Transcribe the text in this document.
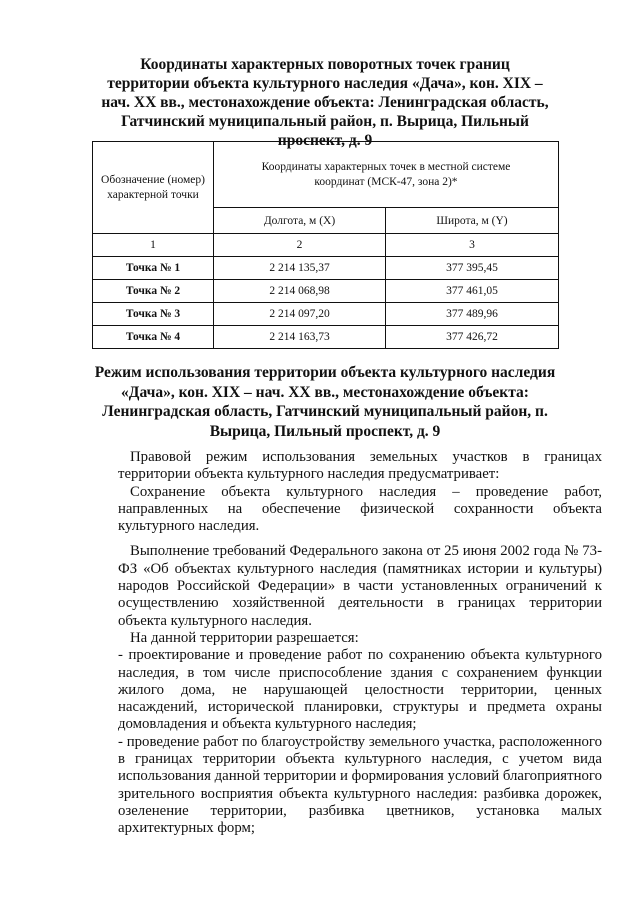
Координаты характерных поворотных точек границ территории объекта культурного наследия «Дача», кон. XIX – нач. XX вв., местонахождение объекта: Ленинградская область, Гатчинский муниципальный район, п. Вырица, Пильный проспект, д. 9
Обозначение (номер) характерной точки	Координаты характерных точек в местной системе координат (МСК-47, зона 2)*	
	Долгота, м (X)	Широта, м (Y)
1	2	3
Точка № 1	2 214 135,37	377 395,45
Точка № 2	2 214 068,98	377 461,05
Точка № 3	2 214 097,20	377 489,96
Точка № 4	2 214 163,73	377 426,72
Режим использования территории объекта культурного наследия «Дача», кон. XIX – нач. XX вв., местонахождение объекта: Ленинградская область, Гатчинский муниципальный район, п. Вырица, Пильный проспект, д. 9

Правовой режим использования земельных участков в границах территории объекта культурного наследия предусматривает:

Сохранение объекта культурного наследия – проведение работ, направленных на обеспечение физической сохранности объекта культурного наследия.

Выполнение требований Федерального закона от 25 июня 2002 года № 73-ФЗ «Об объектах культурного наследия (памятниках истории и культуры) народов Российской Федерации» в части установленных ограничений к осуществлению хозяйственной деятельности в границах территории объекта культурного наследия.

На данной территории разрешается:

- проектирование и проведение работ по сохранению объекта культурного наследия, в том числе приспособление здания с сохранением функции жилого дома, не нарушающей целостности территории, ценных насаждений, исторической планировки, структуры и предмета охраны домовладения и объекта культурного наследия;

- проведение работ по благоустройству земельного участка, расположенного в границах территории объекта культурного наследия, с учетом вида использования данной территории и формирования условий благоприятного зрительного восприятия объекта культурного наследия: разбивка дорожек, озеленение территории, разбивка цветников, установка малых архитектурных форм;
